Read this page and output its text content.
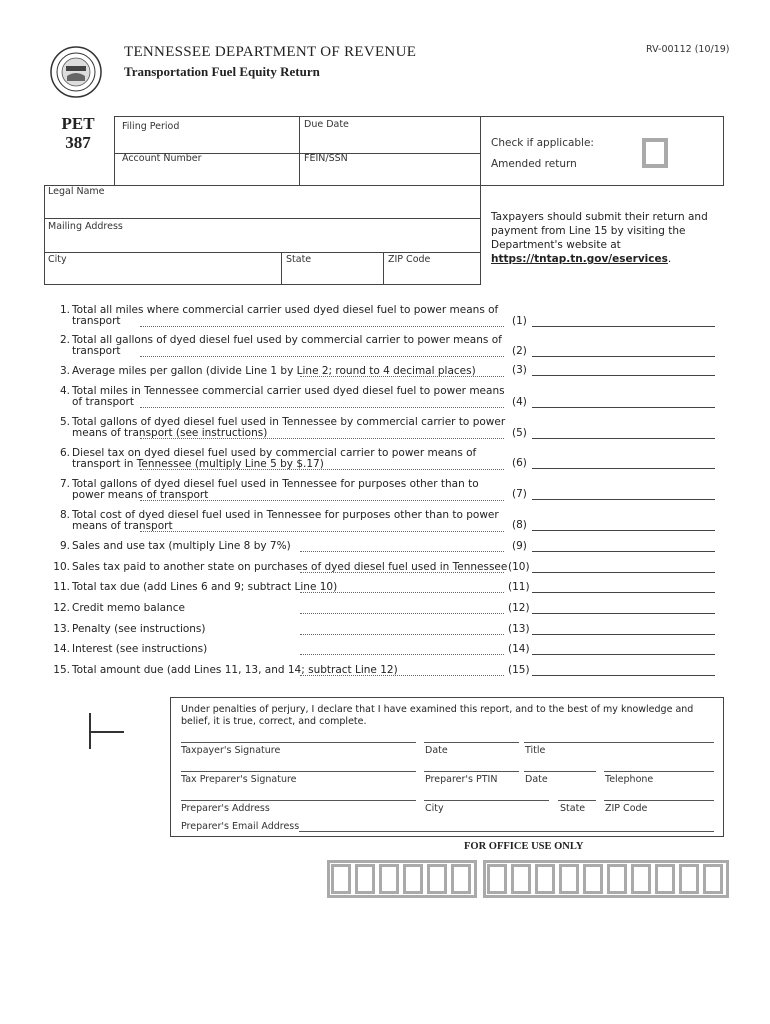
TENNESSEE DEPARTMENT OF REVENUE
Transportation Fuel Equity Return
RV-00112 (10/19)
PET
387
Filing Period	Due Date
Account Number	FEIN/SSN
Check if applicable:
Amended return
Legal Name
Mailing Address
City	State	ZIP Code
Taxpayers should submit their return and payment from Line 15 by visiting the Department's website at https://tntap.tn.gov/eservices.
1. Total all miles where commercial carrier used dyed diesel fuel to power means of
transport	(1)
2. Total all gallons of dyed diesel fuel used by commercial carrier to power means of
transport	(2)
3. Average miles per gallon (divide Line 1 by Line 2; round to 4 decimal places)	(3)
4. Total miles in Tennessee commercial carrier used dyed diesel fuel to power means
of transport	(4)
5. Total gallons of dyed diesel fuel used in Tennessee by commercial carrier to power
means of transport (see instructions)	(5)
6. Diesel tax on dyed diesel fuel used by commercial carrier to power means of
transport in Tennessee (multiply Line 5 by $.17)	(6)
7. Total gallons of dyed diesel fuel used in Tennessee for purposes other than to
power means of transport	(7)
8. Total cost of dyed diesel fuel used in Tennessee for purposes other than to power
means of transport	(8)
9. Sales and use tax (multiply Line 8 by 7%)	(9)
10. Sales tax paid to another state on purchases of dyed diesel fuel used in Tennessee (10)
11. Total tax due (add Lines 6 and 9; subtract Line 10)	(11)
12. Credit memo balance	(12)
13. Penalty (see instructions)	(13)
14. Interest (see instructions)	(14)
15. Total amount due (add Lines 11, 13, and 14; subtract Line 12)	(15)
Under penalties of perjury, I declare that I have examined this report, and to the best of my knowledge and belief, it is true, correct, and complete.
Taxpayer's Signature	Date	Title
Tax Preparer's Signature	Preparer's PTIN	Date	Telephone
Preparer's Address	City	State ZIP Code
Preparer's Email Address
FOR OFFICE USE ONLY
